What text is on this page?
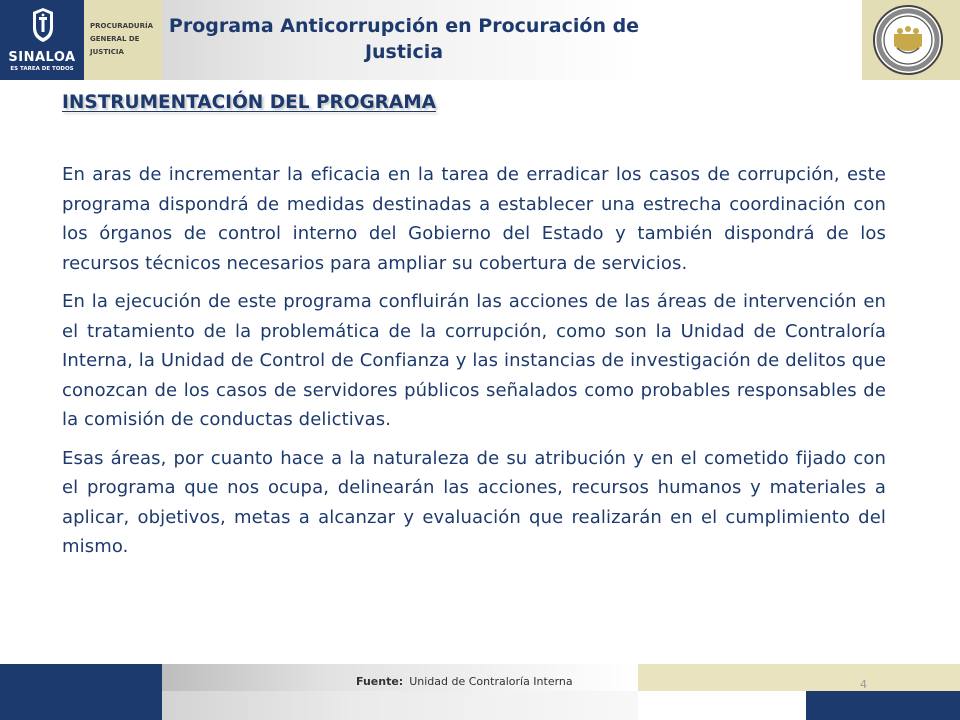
SINALOA
ES TAREA DE TODOS
PROCURADURÍA
GENERAL DE
JUSTICIA
Programa Anticorrupción en Procuración de Justicia
INSTRUMENTACIÓN DEL PROGRAMA

En aras de incrementar la eficacia en la tarea de erradicar los casos de corrupción, este programa dispondrá de medidas destinadas a establecer una estrecha coordinación con los órganos de control interno del Gobierno del Estado y también dispondrá de los recursos técnicos necesarios para ampliar su cobertura de servicios.

En la ejecución de este programa confluirán las acciones de las áreas de intervención en el tratamiento de la problemática de la corrupción, como son la Unidad de Contraloría Interna, la Unidad de Control de Confianza y las instancias de investigación de delitos que conozcan de los casos de servidores públicos señalados como probables responsables de la comisión de conductas delictivas.

Esas áreas, por cuanto hace a la naturaleza de su atribución y en el cometido fijado con el programa que nos ocupa, delinearán las acciones, recursos humanos y materiales a aplicar, objetivos, metas a alcanzar y evaluación que realizarán en el cumplimiento del mismo.

Fuente: Unidad de Contraloría Interna	4
